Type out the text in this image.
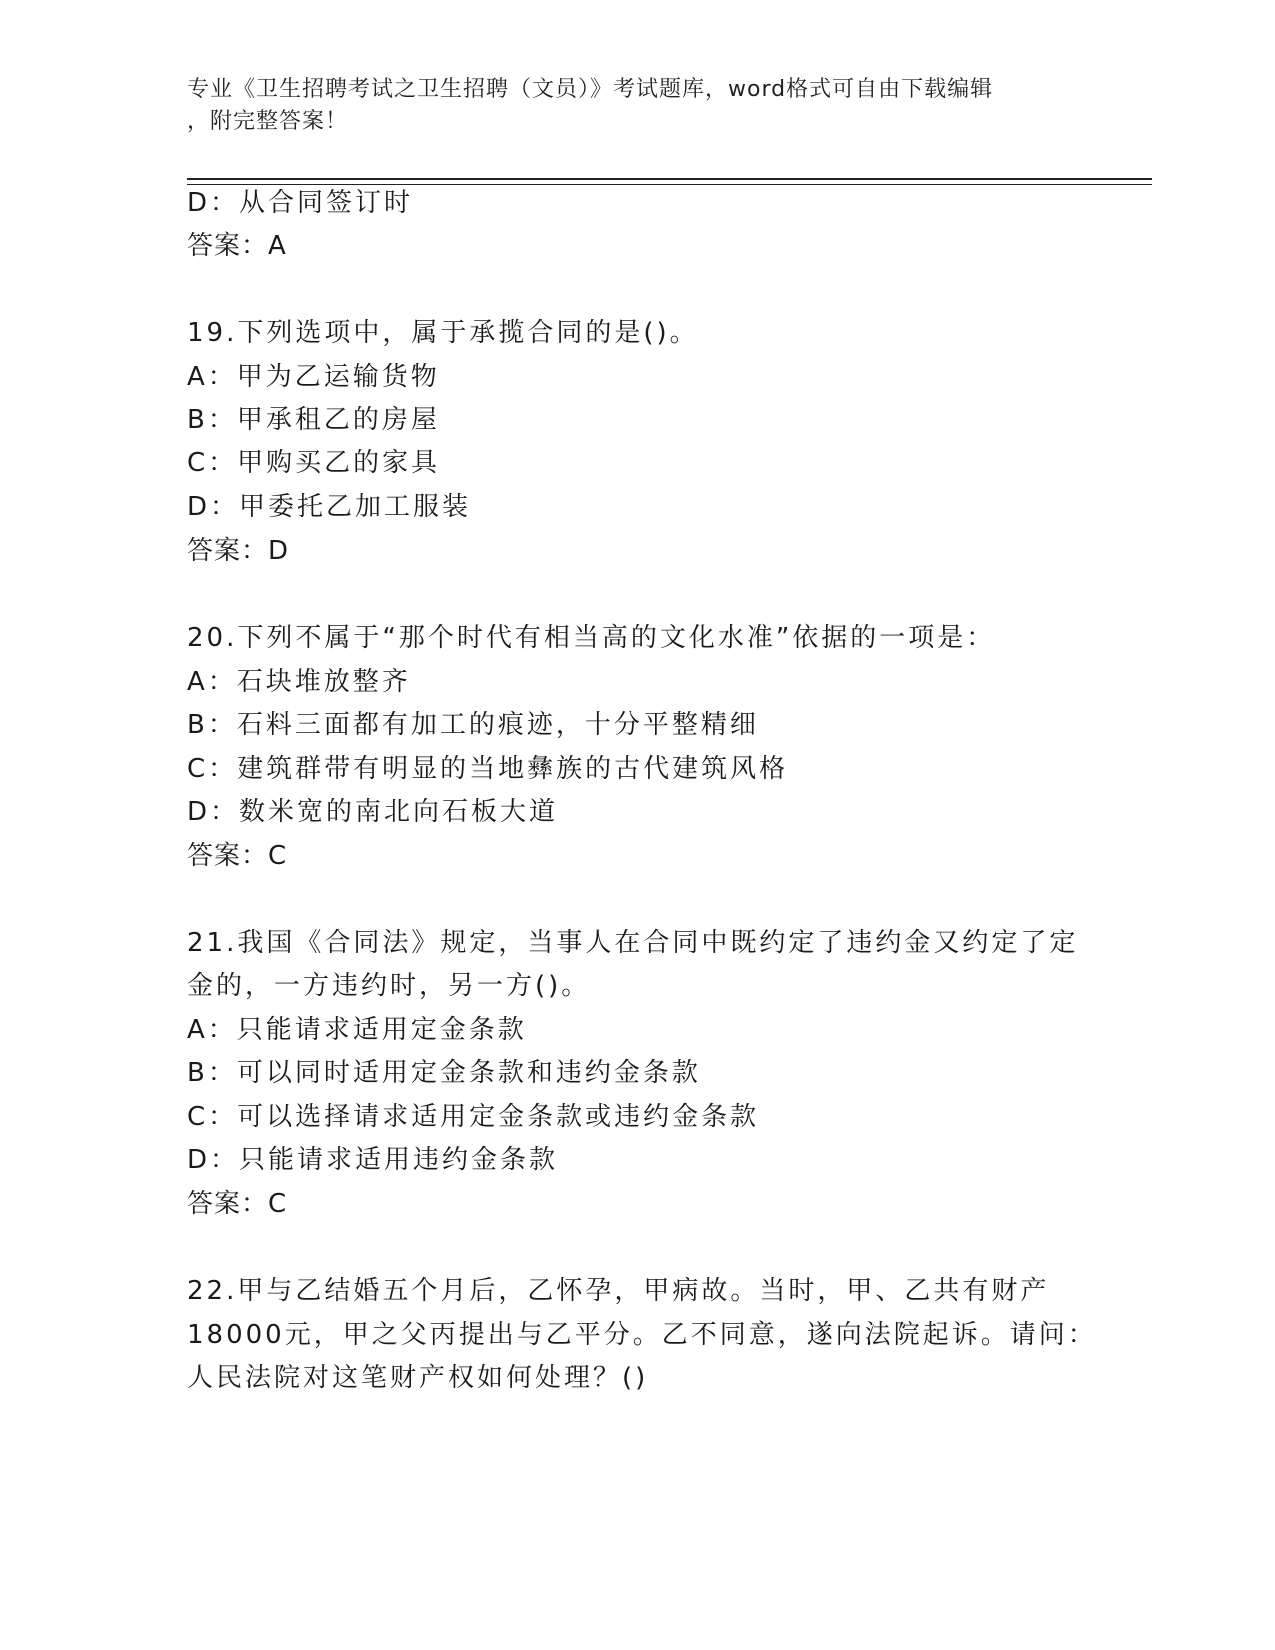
专业《卫生招聘考试之卫生招聘（文员）》考试题库，word格式可自由下载编辑
，附完整答案！
D：从合同签订时
答案：A
19.下列选项中，属于承揽合同的是()。
A：甲为乙运输货物
B：甲承租乙的房屋
C：甲购买乙的家具
D：甲委托乙加工服装
答案：D
20.下列不属于“那个时代有相当高的文化水准”依据的一项是：
A：石块堆放整齐
B：石料三面都有加工的痕迹，十分平整精细
C：建筑群带有明显的当地彝族的古代建筑风格
D：数米宽的南北向石板大道
答案：C
21.我国《合同法》规定，当事人在合同中既约定了违约金又约定了定
金的，一方违约时，另一方()。
A：只能请求适用定金条款
B：可以同时适用定金条款和违约金条款
C：可以选择请求适用定金条款或违约金条款
D：只能请求适用违约金条款
答案：C
22.甲与乙结婚五个月后，乙怀孕，甲病故。当时，甲、乙共有财产
18000元，甲之父丙提出与乙平分。乙不同意，遂向法院起诉。请问：
人民法院对这笔财产权如何处理？()
